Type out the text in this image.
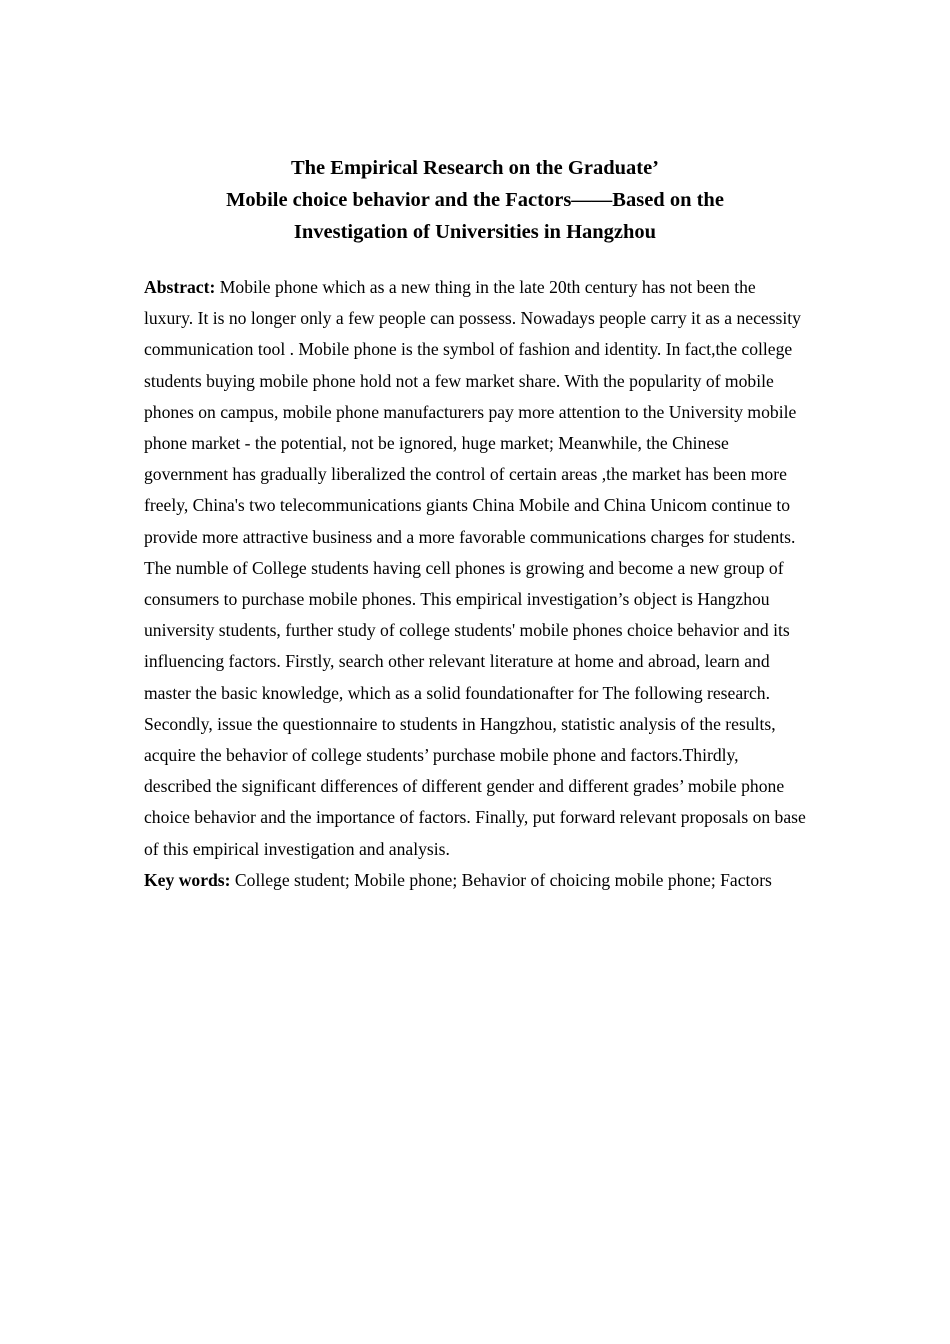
The Empirical Research on the Graduate’
Mobile choice behavior and the Factors——Based on the
Investigation of Universities in Hangzhou

Abstract: Mobile phone which as a new thing in the late 20th century has not been the luxury. It is no longer only a few people can possess. Nowadays people carry it as a necessity communication tool . Mobile phone is the symbol of fashion and identity. In fact,the college students buying mobile phone hold not a few market share. With the popularity of mobile phones on campus, mobile phone manufacturers pay more attention to the University mobile phone market - the potential, not be ignored, huge market; Meanwhile, the Chinese government has gradually liberalized the control of certain areas ,the market has been more freely, China's two telecommunications giants China Mobile and China Unicom continue to provide more attractive business and a more favorable communications charges for students. The numble of College students having cell phones is growing and become a new group of consumers to purchase mobile phones. This empirical investigation’s object is Hangzhou university students, further study of college students' mobile phones choice behavior and its influencing factors. Firstly, search other relevant literature at home and abroad, learn and master the basic knowledge, which as a solid foundationafter for The following research. Secondly, issue the questionnaire to students in Hangzhou, statistic analysis of the results, acquire the behavior of college students’ purchase mobile phone and factors.Thirdly, described the significant differences of different gender and different grades’ mobile phone choice behavior and the importance of factors. Finally, put forward relevant proposals on base of this empirical investigation and analysis.

Key words: College student; Mobile phone; Behavior of choicing mobile phone; Factors
